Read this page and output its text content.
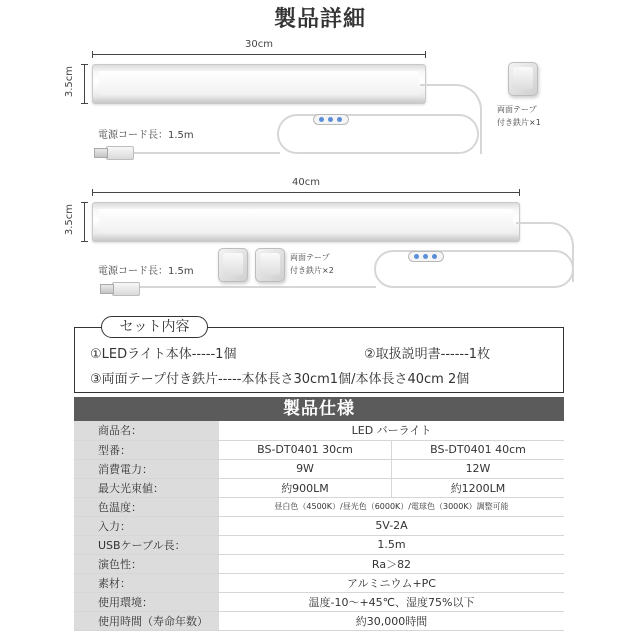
製品詳細
30cm
3.5cm
電源コード長：1.5m
両面テープ
付き鉄片×1
40cm
3.5cm
電源コード長：1.5m
両面テープ
付き鉄片×2
セット内容
①LEDライト本体-----1個	②取扱説明書------1枚
③両面テープ付き鉄片-----本体長さ30cm1個/本体長さ40cm 2個
製品仕様
商品名：	LED バーライト	
型番：	BS-DT0401 30cm	BS-DT0401 40cm
消費電力：	9W	12W
最大光束値：	約900LM	約1200LM
色温度：	昼白色（4500K）/昼光色（6000K）/電球色（3000K）調整可能	
入力：	5V-2A	
USBケーブル長：	1.5m	
演色性：	Ra＞82	
素材：	アルミニウム+PC	
使用環境：	温度-10～+45℃、湿度75%以下	
使用時間（寿命年数）	約30,000時間	
